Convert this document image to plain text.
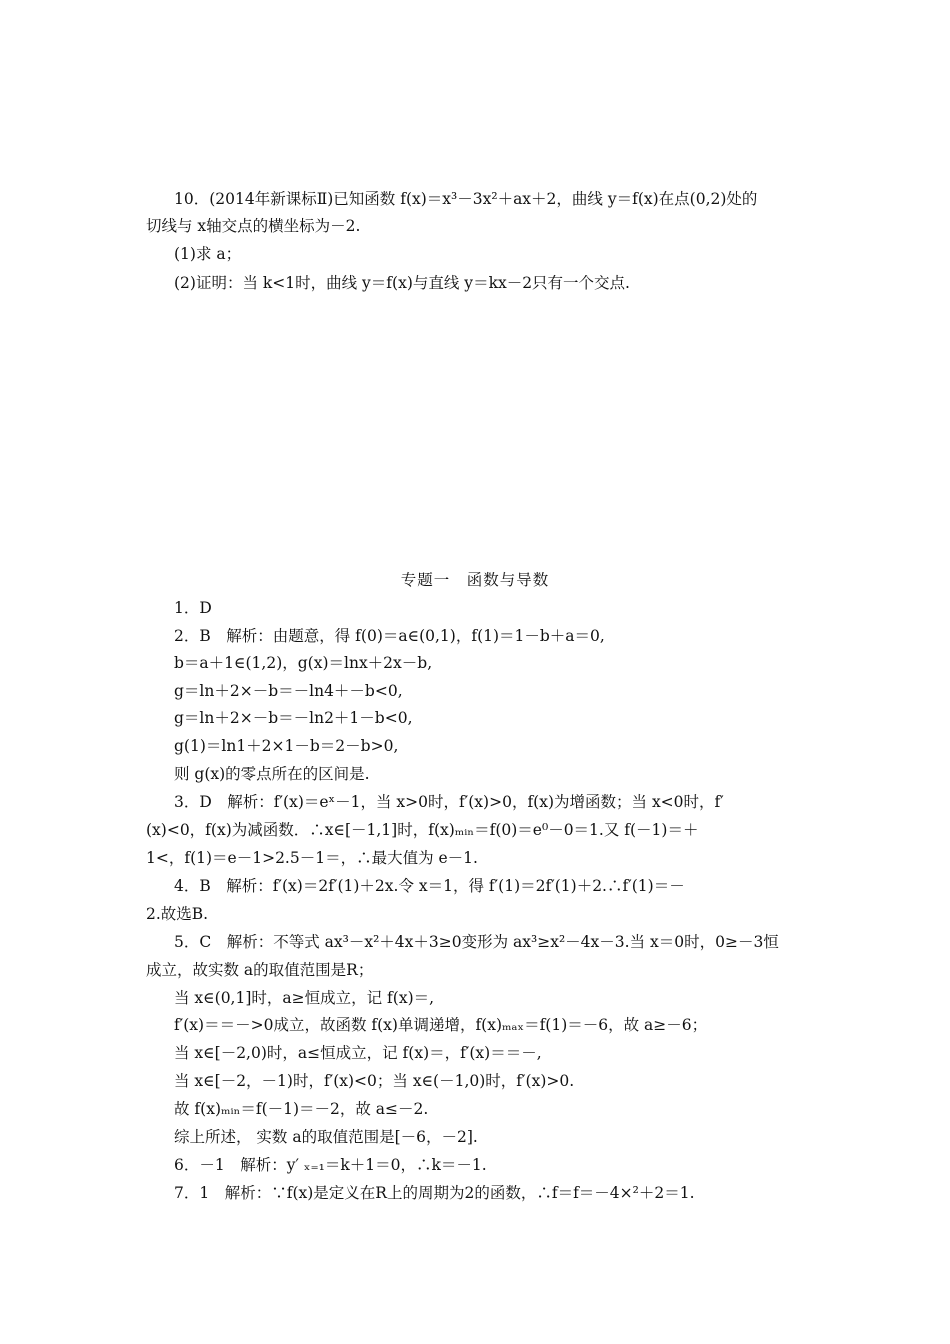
10．(2014年新课标Ⅱ)已知函数 f(x)＝x³－3x²＋ax＋2，曲线 y＝f(x)在点(0,2)处的
切线与 x轴交点的横坐标为－2.
(1)求 a；
(2)证明：当 k<1时，曲线 y＝f(x)与直线 y＝kx－2只有一个交点.
专题一　函数与导数
1．D
2．B　解析：由题意，得 f(0)＝a∈(0,1)，f(1)＝1－b＋a＝0,
b＝a＋1∈(1,2)，g(x)＝lnx＋2x－b,
g＝ln＋2×－b＝－ln4＋－b<0,
g＝ln＋2×－b＝－ln2＋1－b<0,
g(1)＝ln1＋2×1－b＝2－b>0,
则 g(x)的零点所在的区间是.
3．D　解析：f′(x)＝eˣ－1，当 x>0时，f′(x)>0，f(x)为增函数；当 x<0时，f′
(x)<0，f(x)为减函数．∴x∈[－1,1]时，f(x)ₘᵢₙ＝f(0)＝e⁰－0＝1.又 f(－1)＝＋
1<，f(1)＝e－1>2.5－1＝，∴最大值为 e－1.
4．B　解析：f′(x)＝2f′(1)＋2x.令 x＝1，得 f′(1)＝2f′(1)＋2.∴f′(1)＝－
2.故选B.
5．C　解析：不等式 ax³－x²＋4x＋3≥0变形为 ax³≥x²－4x－3.当 x＝0时，0≥－3恒
成立，故实数 a的取值范围是R；
当 x∈(0,1]时，a≥恒成立，记 f(x)＝,
f′(x)＝＝－>0成立，故函数 f(x)单调递增，f(x)ₘₐₓ＝f(1)＝－6，故 a≥－6；
当 x∈[－2,0)时，a≤恒成立，记 f(x)＝，f′(x)＝＝－,
当 x∈[－2，－1)时，f′(x)<0；当 x∈(－1,0)时，f′(x)>0.
故 f(x)ₘᵢₙ＝f(－1)＝－2，故 a≤－2.
综上所述， 实数 a的取值范围是[－6，－2].
6．－1　解析：y′ ₓ₌₁＝k＋1＝0，∴k＝－1.
7．1　解析：∵f(x)是定义在R上的周期为2的函数，∴f＝f＝－4×²＋2＝1.
